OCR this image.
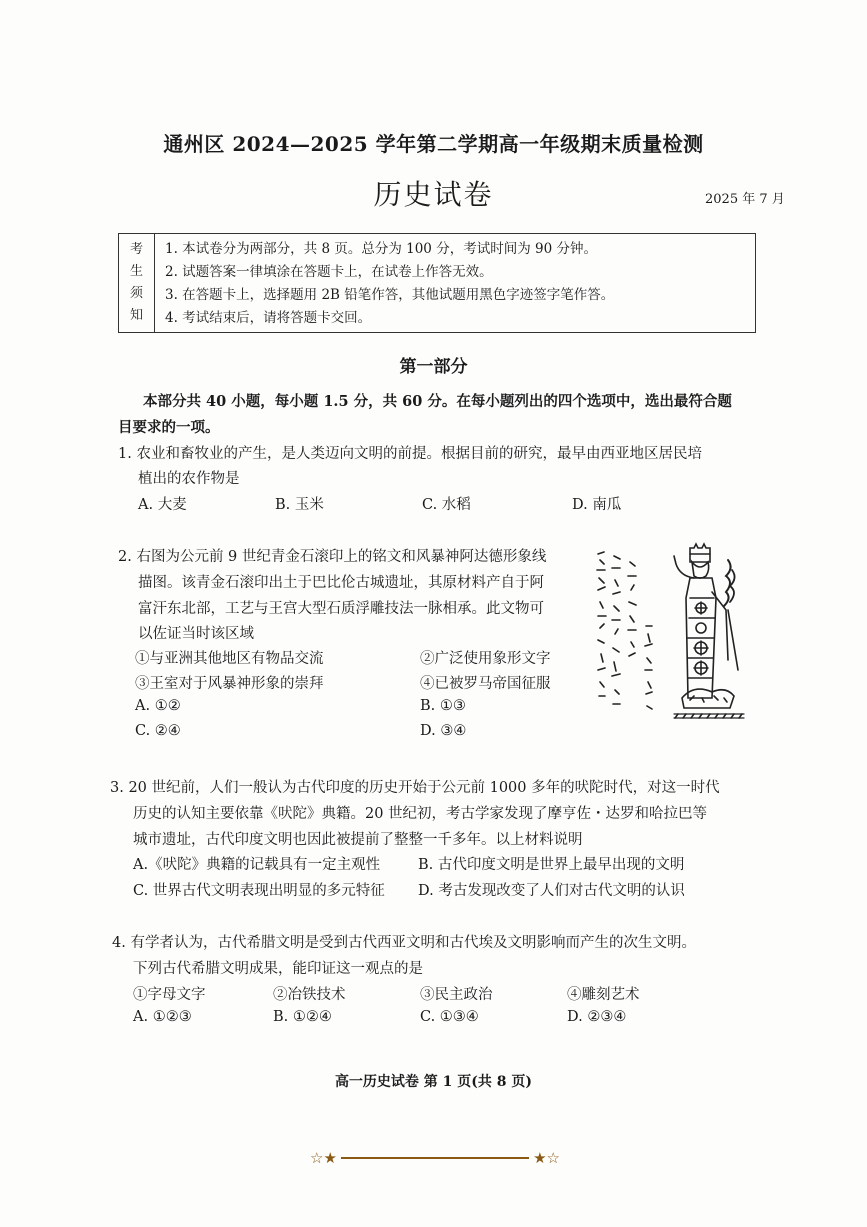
通州区 2024—2025 学年第二学期高一年级期末质量检测
历史试卷	2025 年 7 月
考
生
须
知
1. 本试卷分为两部分，共 8 页。总分为 100 分，考试时间为 90 分钟。
2. 试题答案一律填涂在答题卡上，在试卷上作答无效。
3. 在答题卡上，选择题用 2B 铅笔作答，其他试题用黑色字迹签字笔作答。
4. 考试结束后，请将答题卡交回。
第一部分
本部分共 40 小题，每小题 1.5 分，共 60 分。在每小题列出的四个选项中，选出最符合题
目要求的一项。
1. 农业和畜牧业的产生，是人类迈向文明的前提。根据目前的研究，最早由西亚地区居民培
植出的农作物是
A. 大麦	B. 玉米	C. 水稻	D. 南瓜
2. 右图为公元前 9 世纪青金石滚印上的铭文和风暴神阿达德形象线
描图。该青金石滚印出土于巴比伦古城遗址，其原材料产自于阿
富汗东北部，工艺与王宫大型石质浮雕技法一脉相承。此文物可
以佐证当时该区域
①与亚洲其他地区有物品交流	②广泛使用象形文字
③王室对于风暴神形象的崇拜	④已被罗马帝国征服
A. ①②	B. ①③
C. ②④	D. ③④
3. 20 世纪前，人们一般认为古代印度的历史开始于公元前 1000 多年的吠陀时代，对这一时代
历史的认知主要依靠《吠陀》典籍。20 世纪初，考古学家发现了摩亨佐・达罗和哈拉巴等
城市遗址，古代印度文明也因此被提前了整整一千多年。以上材料说明
A.《吠陀》典籍的记载具有一定主观性	B. 古代印度文明是世界上最早出现的文明
C. 世界古代文明表现出明显的多元特征 D. 考古发现改变了人们对古代文明的认识
4. 有学者认为，古代希腊文明是受到古代西亚文明和古代埃及文明影响而产生的次生文明。
下列古代希腊文明成果，能印证这一观点的是
①字母文字	②冶铁技术	③民主政治	④雕刻艺术
A. ①②③	B. ①②④	C. ①③④	D. ②③④
高一历史试卷 第 1 页(共 8 页)
☆ ★	★ ☆
